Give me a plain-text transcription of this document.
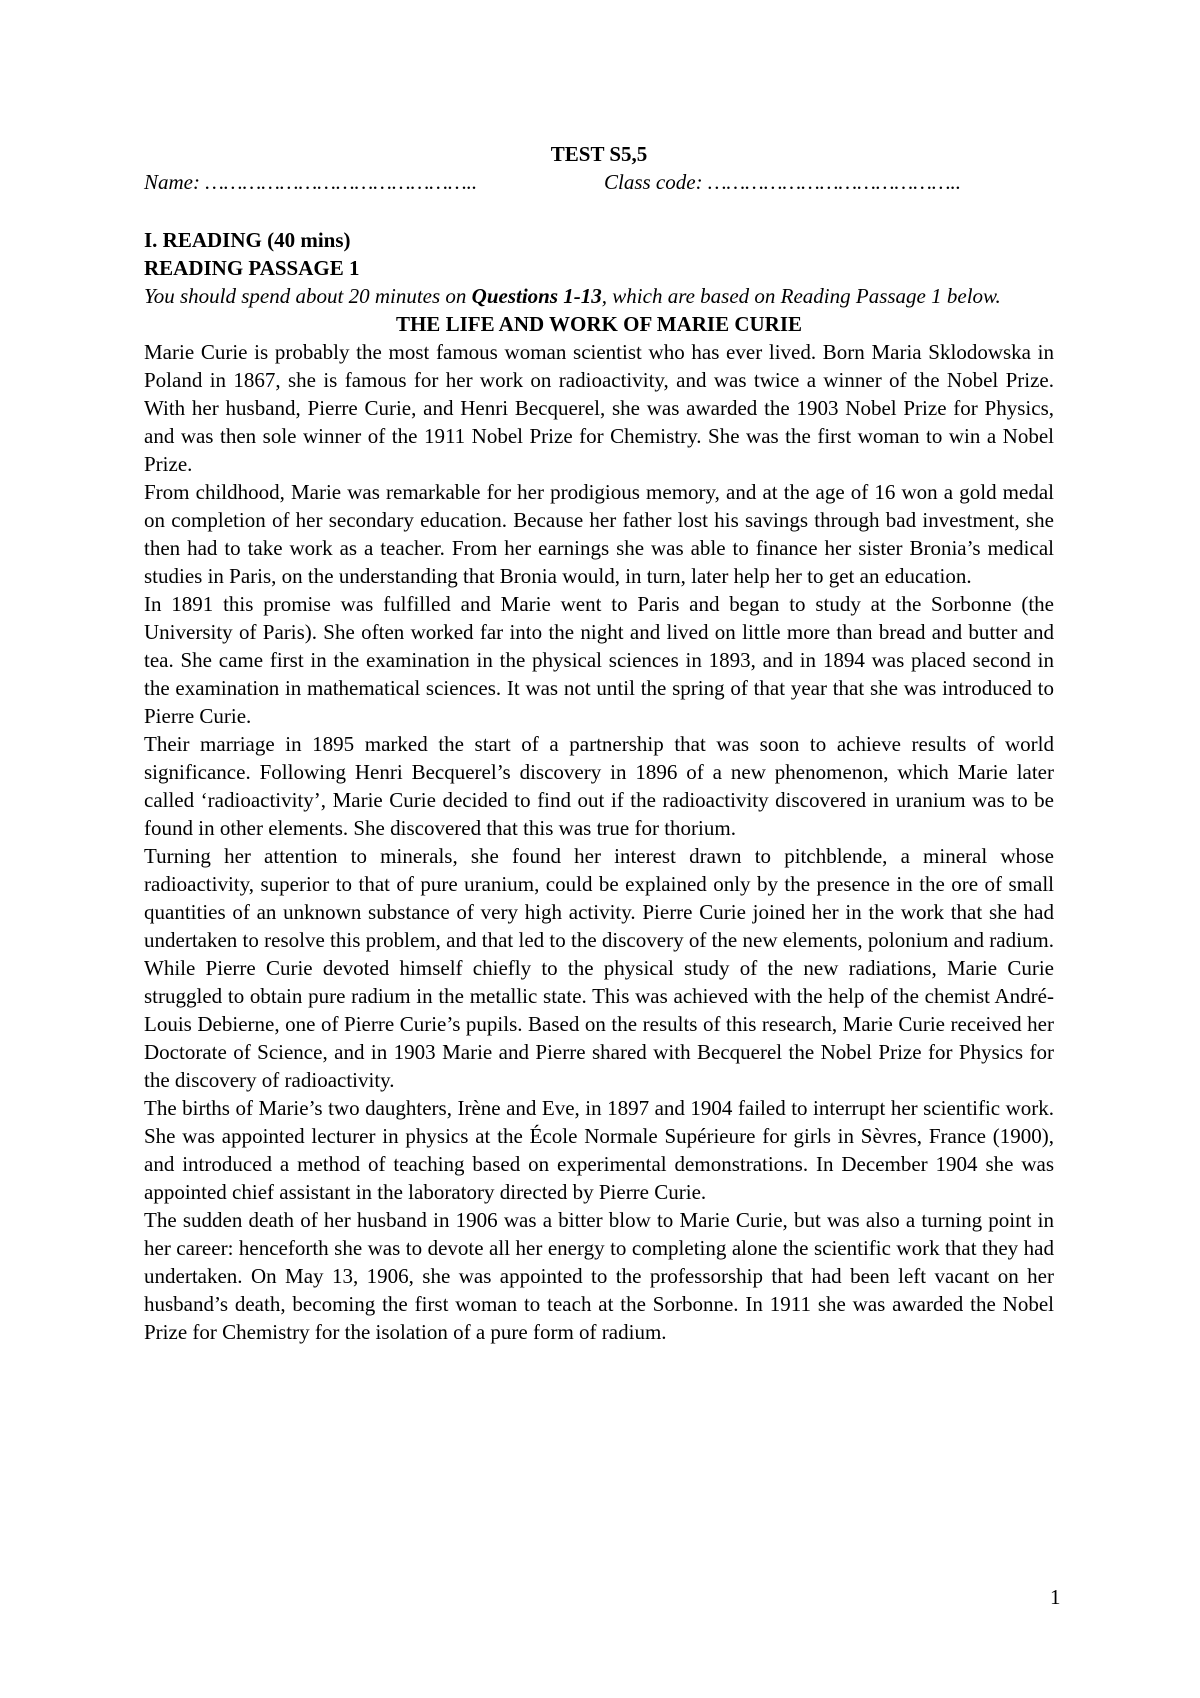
TEST S5,5

Name: ……………………………………..	Class code: …………………………………..

I. READING (40 mins)

READING PASSAGE 1

You should spend about 20 minutes on Questions 1-13, which are based on Reading Passage 1 below.

THE LIFE AND WORK OF MARIE CURIE

Marie Curie is probably the most famous woman scientist who has ever lived. Born Maria Sklodowska in Poland in 1867, she is famous for her work on radioactivity, and was twice a winner of the Nobel Prize. With her husband, Pierre Curie, and Henri Becquerel, she was awarded the 1903 Nobel Prize for Physics, and was then sole winner of the 1911 Nobel Prize for Chemistry. She was the first woman to win a Nobel Prize.

From childhood, Marie was remarkable for her prodigious memory, and at the age of 16 won a gold medal on completion of her secondary education. Because her father lost his savings through bad investment, she then had to take work as a teacher. From her earnings she was able to finance her sister Bronia’s medical studies in Paris, on the understanding that Bronia would, in turn, later help her to get an education.

In 1891 this promise was fulfilled and Marie went to Paris and began to study at the Sorbonne (the University of Paris). She often worked far into the night and lived on little more than bread and butter and tea. She came first in the examination in the physical sciences in 1893, and in 1894 was placed second in the examination in mathematical sciences. It was not until the spring of that year that she was introduced to Pierre Curie.

Their marriage in 1895 marked the start of a partnership that was soon to achieve results of world significance. Following Henri Becquerel’s discovery in 1896 of a new phenomenon, which Marie later called ‘radioactivity’, Marie Curie decided to find out if the radioactivity discovered in uranium was to be found in other elements. She discovered that this was true for thorium.

Turning her attention to minerals, she found her interest drawn to pitchblende, a mineral whose radioactivity, superior to that of pure uranium, could be explained only by the presence in the ore of small quantities of an unknown substance of very high activity. Pierre Curie joined her in the work that she had undertaken to resolve this problem, and that led to the discovery of the new elements, polonium and radium. While Pierre Curie devoted himself chiefly to the physical study of the new radiations, Marie Curie struggled to obtain pure radium in the metallic state. This was achieved with the help of the chemist André-Louis Debierne, one of Pierre Curie’s pupils. Based on the results of this research, Marie Curie received her Doctorate of Science, and in 1903 Marie and Pierre shared with Becquerel the Nobel Prize for Physics for the discovery of radioactivity.

The births of Marie’s two daughters, Irène and Eve, in 1897 and 1904 failed to interrupt her scientific work. She was appointed lecturer in physics at the École Normale Supérieure for girls in Sèvres, France (1900), and introduced a method of teaching based on experimental demonstrations. In December 1904 she was appointed chief assistant in the laboratory directed by Pierre Curie.

The sudden death of her husband in 1906 was a bitter blow to Marie Curie, but was also a turning point in her career: henceforth she was to devote all her energy to completing alone the scientific work that they had undertaken. On May 13, 1906, she was appointed to the professorship that had been left vacant on her husband’s death, becoming the first woman to teach at the Sorbonne. In 1911 she was awarded the Nobel Prize for Chemistry for the isolation of a pure form of radium.

1
